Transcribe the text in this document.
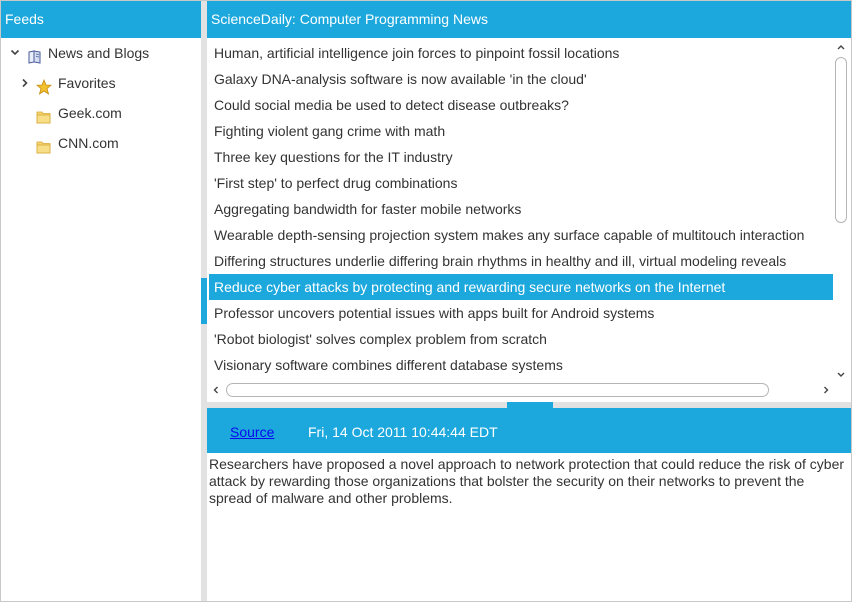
Feeds
News and Blogs
Favorites
Geek.com
CNN.com
ScienceDaily: Computer Programming News
Human, artificial intelligence join forces to pinpoint fossil locations
Galaxy DNA-analysis software is now available 'in the cloud'
Could social media be used to detect disease outbreaks?
Fighting violent gang crime with math
Three key questions for the IT industry
'First step' to perfect drug combinations
Aggregating bandwidth for faster mobile networks
Wearable depth-sensing projection system makes any surface capable of multitouch interaction
Differing structures underlie differing brain rhythms in healthy and ill, virtual modeling reveals
Reduce cyber attacks by protecting and rewarding secure networks on the Internet
Professor uncovers potential issues with apps built for Android systems
'Robot biologist' solves complex problem from scratch
Visionary software combines different database systems
Source Fri, 14 Oct 2011 10:44:44 EDT
Researchers have proposed a novel approach to network protection that could reduce the risk of cyber attack by rewarding those organizations that bolster the security on their networks to prevent the spread of malware and other problems.
